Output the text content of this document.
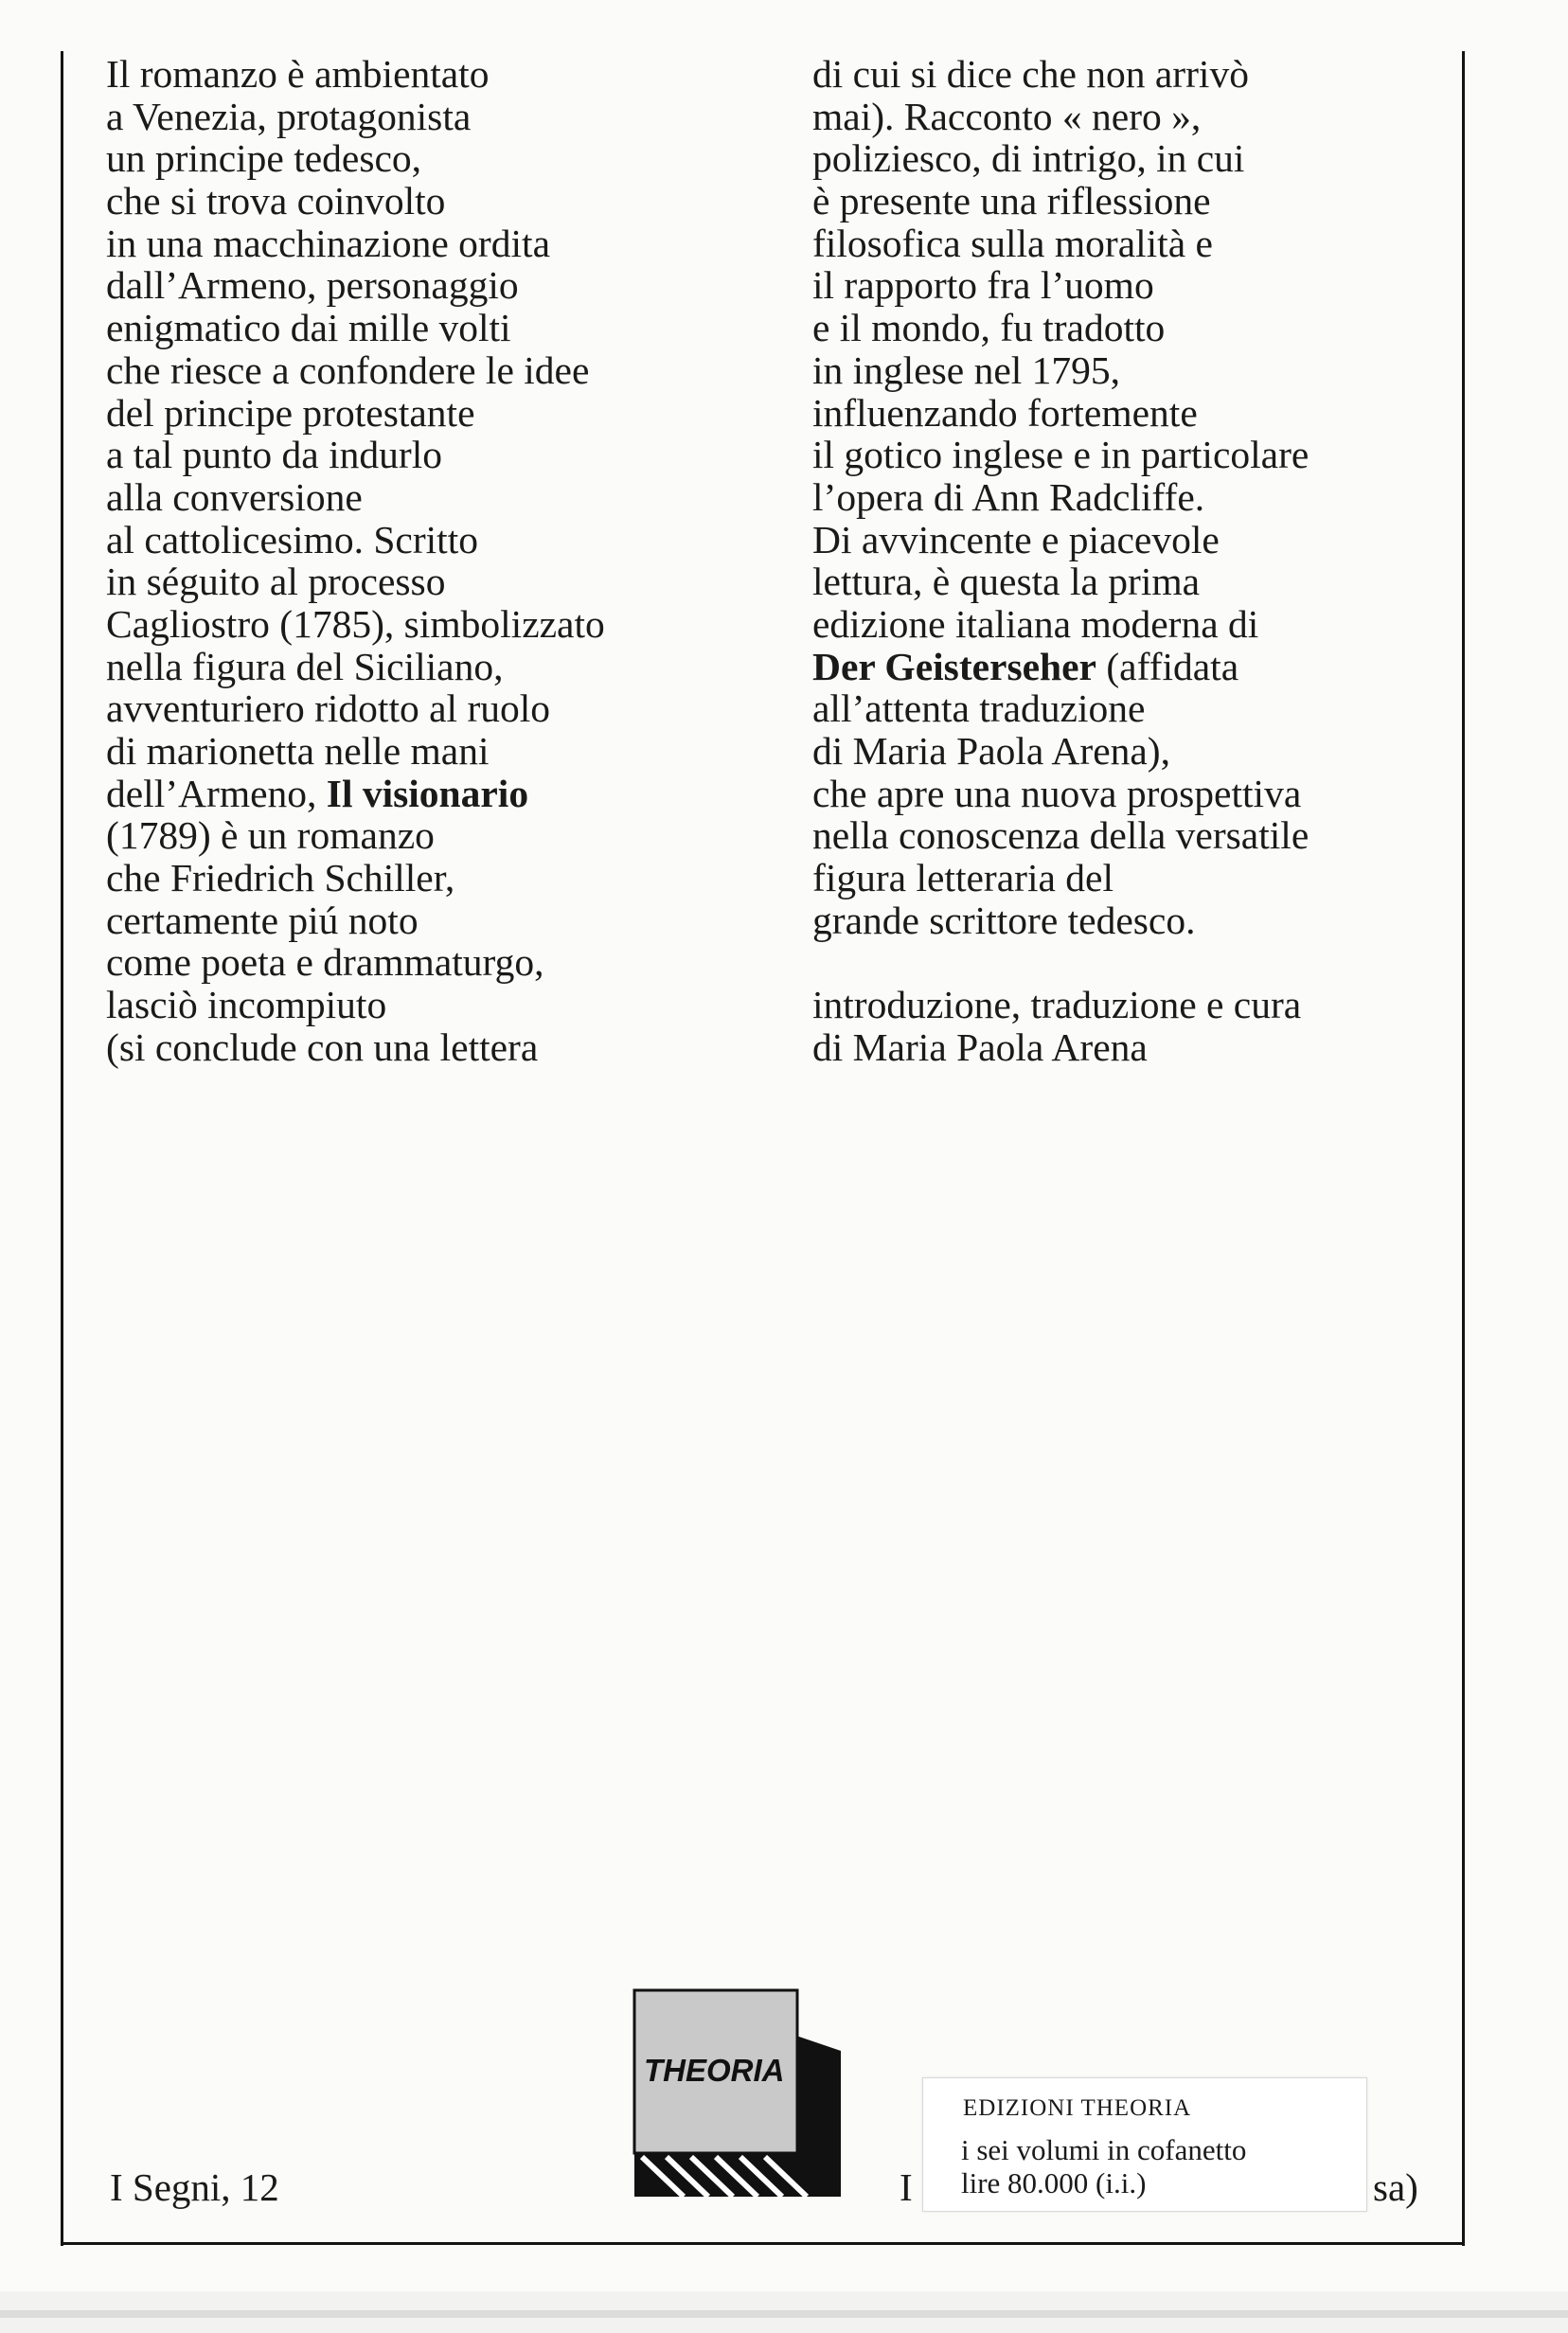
Il romanzo è ambientato
a Venezia, protagonista
un principe tedesco,
che si trova coinvolto
in una macchinazione ordita
dall’Armeno, personaggio
enigmatico dai mille volti
che riesce a confondere le idee
del principe protestante
a tal punto da indurlo
alla conversione
al cattolicesimo. Scritto
in séguito al processo
Cagliostro (1785), simbolizzato
nella figura del Siciliano,
avventuriero ridotto al ruolo
di marionetta nelle mani
dell’Armeno, Il visionario
(1789) è un romanzo
che Friedrich Schiller,
certamente piú noto
come poeta e drammaturgo,
lasciò incompiuto
(si conclude con una lettera
di cui si dice che non arrivò
mai). Racconto « nero »,
poliziesco, di intrigo, in cui
è presente una riflessione
filosofica sulla moralità e
il rapporto fra l’uomo
e il mondo, fu tradotto
in inglese nel 1795,
influenzando fortemente
il gotico inglese e in particolare
l’opera di Ann Radcliffe.
Di avvincente e piacevole
lettura, è questa la prima
edizione italiana moderna di
Der Geisterseher (affidata
all’attenta traduzione
di Maria Paola Arena),
che apre una nuova prospettiva
nella conoscenza della versatile
figura letteraria del
grande scrittore tedesco.
introduzione, traduzione e cura
di Maria Paola Arena
THEORIA
I Segni, 12	I	sa)
EDIZIONI THEORIA
i sei volumi in cofanetto
lire 80.000 (i.i.)
